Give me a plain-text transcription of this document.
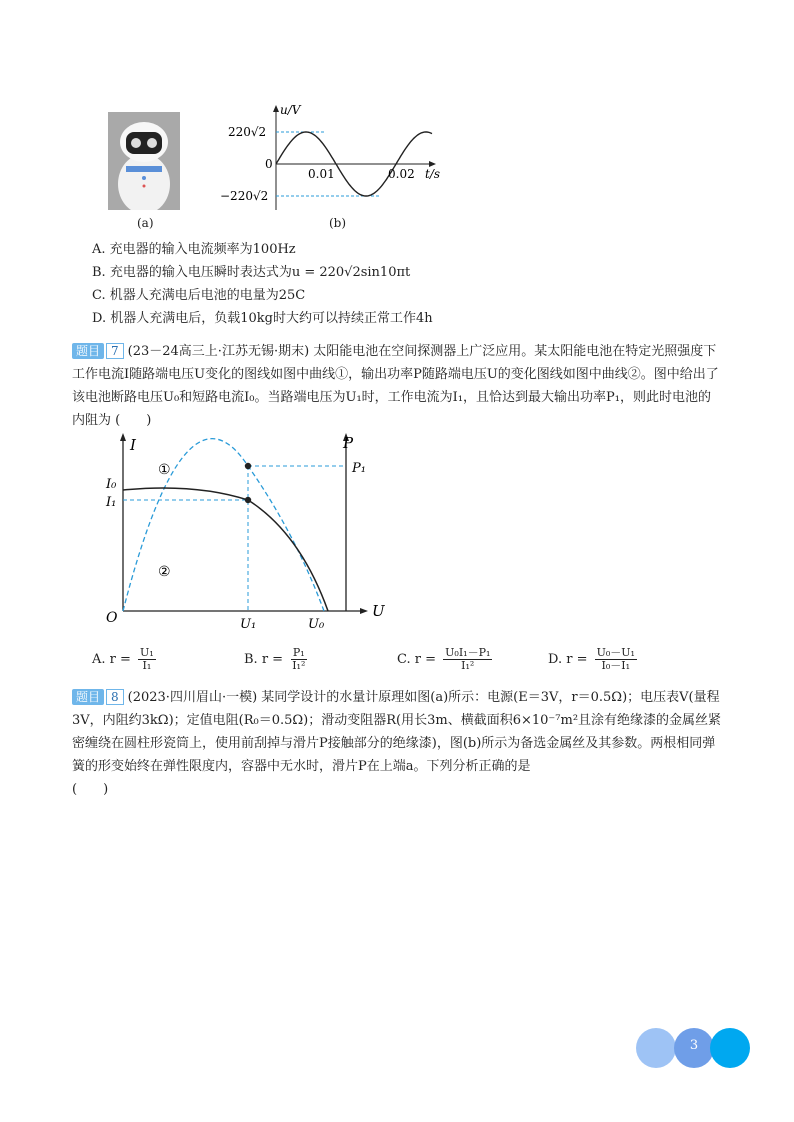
(a)
u/V
t/s
220√2
−220√2
0
0.01	0.02
(b)
A. 充电器的输入电流频率为100Hz
B. 充电器的输入电压瞬时表达式为u = 220√2sin10πt
C. 机器人充满电后电池的电量为25C
D. 机器人充满电后，负载10kg时大约可以持续正常工作4h
题目 7 (23－24高三上·江苏无锡·期末) 太阳能电池在空间探测器上广泛应用。某太阳能电池在特定光照强度下工作电流I随路端电压U变化的图线如图中曲线①，输出功率P随路端电压U的变化图线如图中曲线②。图中给出了该电池断路电压U₀和短路电流I₀。当路端电压为U₁时，工作电流为I₁，且恰达到最大输出功率P₁，则此时电池的内阻为 (　　)
I	P
U
O
I₀
I₁
P₁
U₁	U₀
①
②
A. $r = \frac{\text{U₁}}{\text{I₁}}$	B. $r = \frac{\text{P₁}}{\text{I₁²}}$	C. $r = \frac{\text{U₀I₁－P₁}}{\text{I₁²}}$	D. $r = \frac{\text{U₀－U₁}}{\text{I₀－I₁}}$
题目 8 (2023·四川眉山·一模) 某同学设计的水量计原理如图(a)所示：电源(E＝3V，r＝0.5Ω)；电压表V(量程3V，内阻约3kΩ)；定值电阻(R₀＝0.5Ω)；滑动变阻器R(用长3m、横截面积6×10⁻⁷m²且涂有绝缘漆的金属丝紧密缠绕在圆柱形瓷筒上，使用前刮掉与滑片P接触部分的绝缘漆)，图(b)所示为备选金属丝及其参数。两根相同弹簧的形变始终在弹性限度内，容器中无水时，滑片P在上端a。下列分析正确的是
(　　)
3
